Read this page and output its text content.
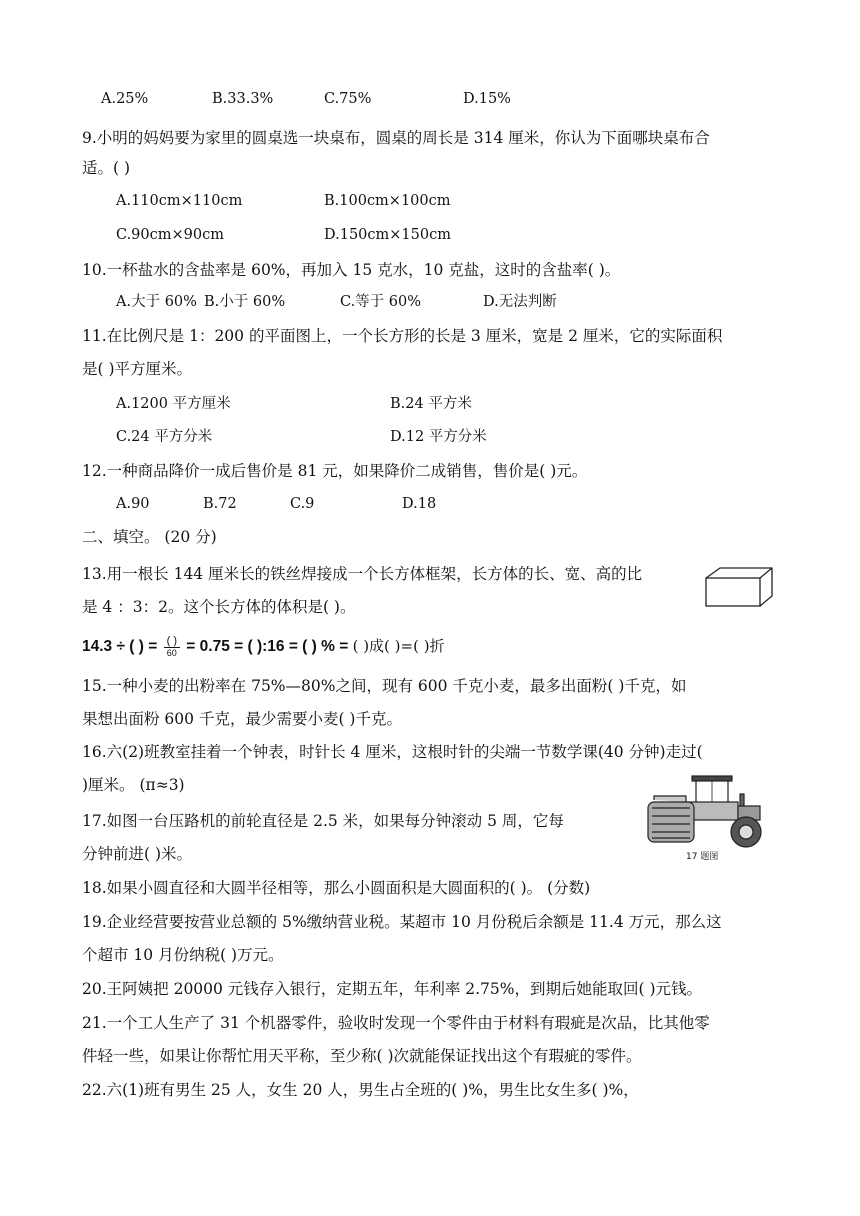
A.25%	B.33.3%	C.75%	D.15%
9.小明的妈妈要为家里的圆桌选一块桌布，圆桌的周长是 314 厘米，你认为下面哪块桌布合
适。( )
A.110cm×110cm	B.100cm×100cm
C.90cm×90cm	D.150cm×150cm
10.一杯盐水的含盐率是 60%，再加入 15 克水，10 克盐，这时的含盐率( )。
A.大于 60% B.小于 60%	C.等于 60%	D.无法判断
11.在比例尺是 1：200 的平面图上，一个长方形的长是 3 厘米，宽是 2 厘米，它的实际面积
是( )平方厘米。
A.1200 平方厘米	B.24 平方米
C.24 平方分米	D.12 平方分米
12.一种商品降价一成后售价是 81 元，如果降价二成销售，售价是( )元。
A.90	B.72	C.9	D.18
二、填空。 (20 分)
13.用一根长 144 厘米长的铁丝焊接成一个长方体框架，长方体的长、宽、高的比
是 4 ：3：2。这个长方体的体积是( )。
14.3 ÷ ( ) = $\frac{( )}{60} = 0.75$ = ( ):16 = ( ) % = ( )成( )=( )折
15.一种小麦的出粉率在 75%—80%之间，现有 600 千克小麦，最多出面粉( )千克，如
果想出面粉 600 千克，最少需要小麦( )千克。
16.六(2)班教室挂着一个钟表，时针长 4 厘米，这根时针的尖端一节数学课(40 分钟)走过(
)厘米。 (π≈3)
17.如图一台压路机的前轮直径是 2.5 米，如果每分钟滚动 5 周，它每
分钟前进( )米。	17 题图
18.如果小圆直径和大圆半径相等，那么小圆面积是大圆面积的( )。 (分数)
19.企业经营要按营业总额的 5%缴纳营业税。某超市 10 月份税后余额是 11.4 万元，那么这
个超市 10 月份纳税( )万元。
20.王阿姨把 20000 元钱存入银行，定期五年，年利率 2.75%，到期后她能取回( )元钱。
21.一个工人生产了 31 个机器零件，验收时发现一个零件由于材料有瑕疵是次品，比其他零
件轻一些，如果让你帮忙用天平称，至少称( )次就能保证找出这个有瑕疵的零件。
22.六(1)班有男生 25 人，女生 20 人，男生占全班的( )%，男生比女生多( )%，
